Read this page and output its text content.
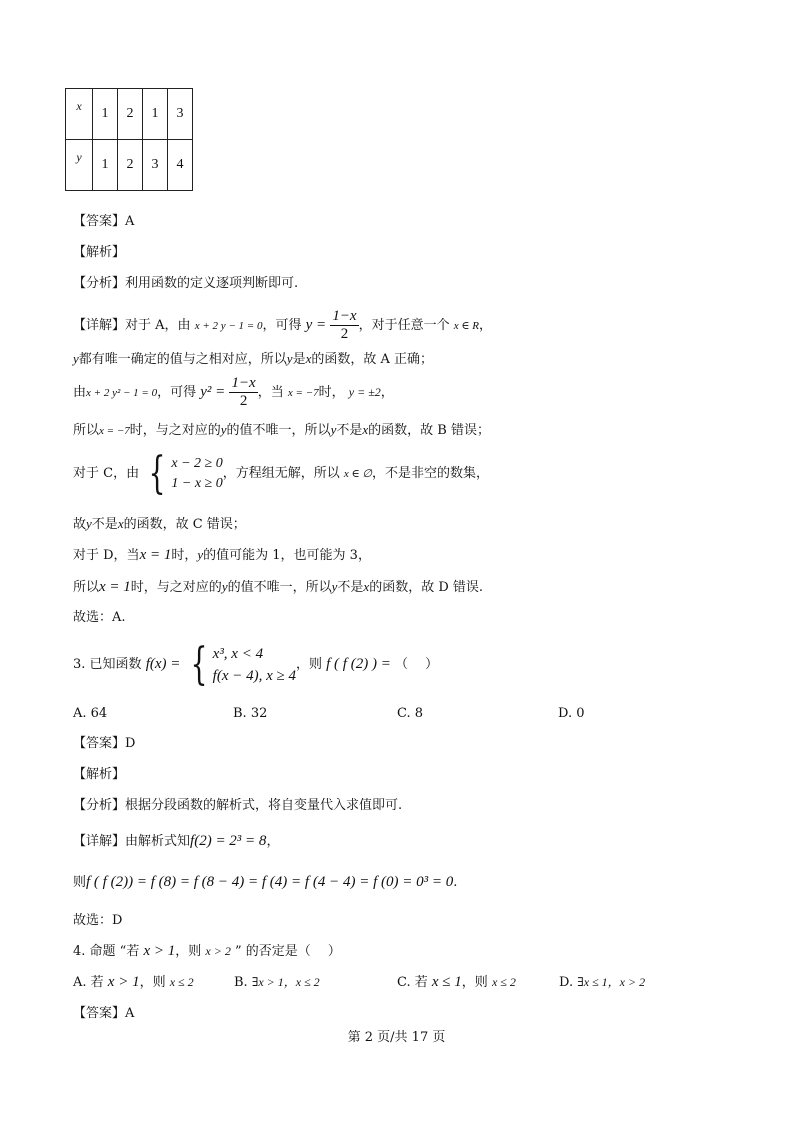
x	1	2	1	3
y	1	2	3	4
【答案】A
【解析】
【分析】利用函数的定义逐项判断即可.
【详解】对于 A，由 x + 2 y − 1 = 0，可得 $y = \frac{1-x}{2}$ ，对于任意一个 x ∈ R，
y都有唯一确定的值与之相对应，所以y是x的函数，故 A 正确；
由x + 2 y² − 1 = 0，可得 $y^2 = \frac{1-x}{2}$ ，当 x = −7时， y = ±2，
所以x = −7时，与之对应的y的值不唯一，所以y不是x的函数，故 B 错误；
对于 C，由 { x − 2 ≥ 0
1 − x ≥ 0
，方程组无解，所以 x ∈ ∅，不是非空的数集，
故y不是x的函数，故 C 错误；
对于 D，当x = 1时，y的值可能为 1，也可能为 3，
所以x = 1时，与之对应的y的值不唯一，所以y不是x的函数，故 D 错误.
故选：A.
3. 已知函数 f(x) = { x³, x < 4
f(x − 4), x ≥ 4
，则 f ( f (2) ) = （　 ）
A. 64	B. 32	C. 8	D. 0
【答案】D
【解析】
【分析】根据分段函数的解析式，将自变量代入求值即可.
【详解】由解析式知f(2) = 2³ = 8，
则f ( f (2)) = f (8) = f (8 − 4) = f (4) = f (4 − 4) = f (0) = 0³ = 0.
故选：D
4. 命题 “若 x > 1，则 x > 2 ” 的否定是（　 ）
A. 若 x > 1，则 x ≤ 2	B. ∃x > 1，x ≤ 2	C. 若 x ≤ 1，则 x ≤ 2	D. ∃x ≤ 1，x > 2
【答案】A
第 2 页/共 17 页
